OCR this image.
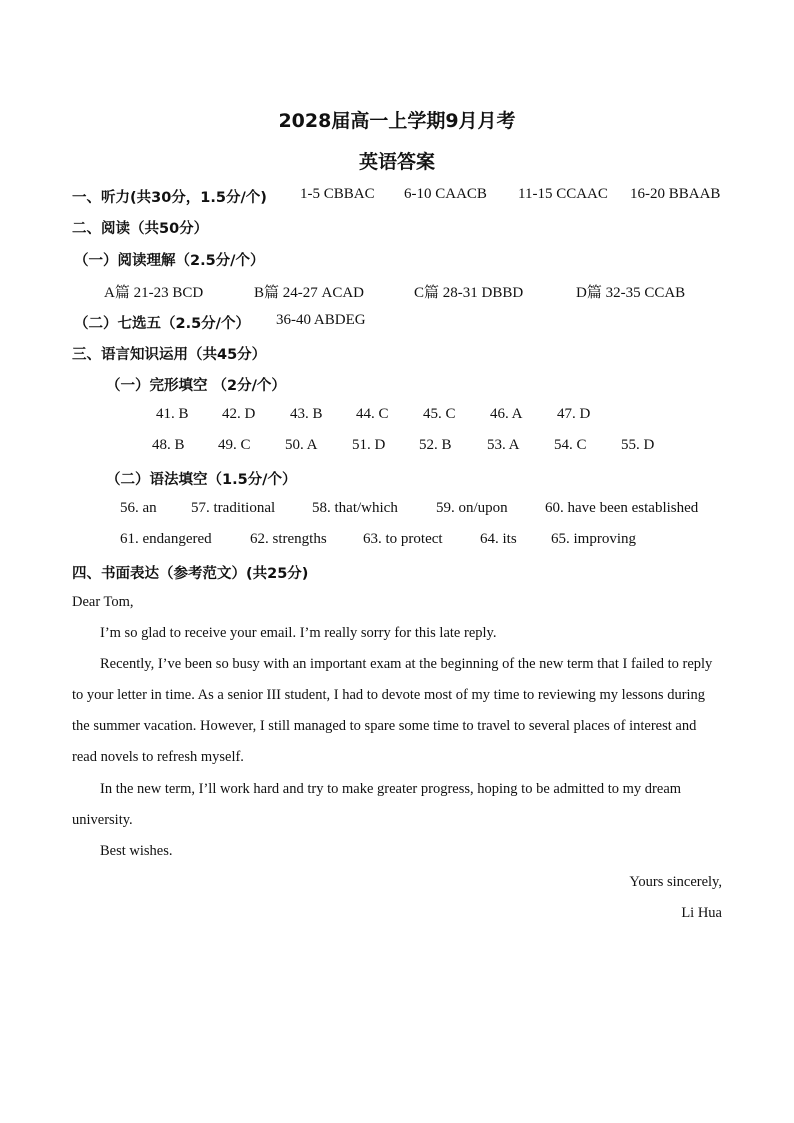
2028届高一上学期9月月考
英语答案
一、听力(共30分，1.5分/个) 1-5 CBBAC 6-10 CAACB 11-15 CCAAC 16-20 BBAAB
二、阅读（共50分）
（一）阅读理解（2.5分/个）
A篇 21-23 BCD	B篇 24-27 ACAD	C篇 28-31 DBBD	D篇 32-35 CCAB
（二）七选五（2.5分/个） 36-40 ABDEG
三、语言知识运用（共45分）
（一）完形填空 （2分/个）
41. B 42. D 43. B 44. C 45. C 46. A 47. D
48. B 49. C 50. A 51. D 52. B 53. A 54. C 55. D
（二）语法填空（1.5分/个）
56. an 57. traditional 58. that/which	59. on/upon 60. have been established
61. endangered	62. strengths 63. to protect 64. its 65. improving
四、书面表达（参考范文）(共25分)
Dear Tom,
I’m so glad to receive your email. I’m really sorry for this late reply.
Recently, I’ve been so busy with an important exam at the beginning of the new term that I failed to reply
to your letter in time. As a senior III student, I had to devote most of my time to reviewing my lessons during
the summer vacation. However, I still managed to spare some time to travel to several places of interest and
read novels to refresh myself.
In the new term, I’ll work hard and try to make greater progress, hoping to be admitted to my dream
university.
Best wishes.
Yours sincerely,
Li Hua
